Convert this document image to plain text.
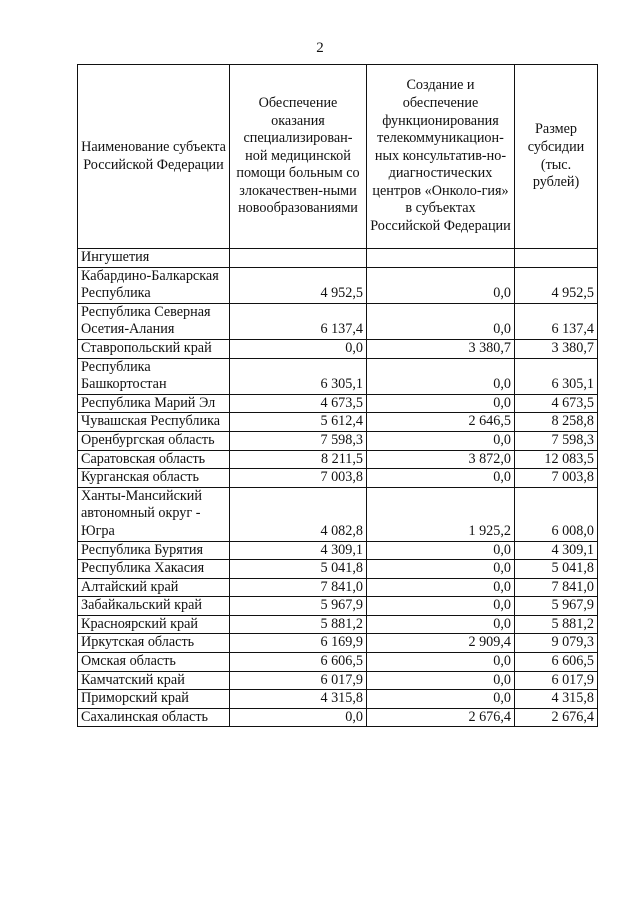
2
Наименование субъекта Российской Федерации	Обеспечение оказания специализирован-ной медицинской помощи больным со злокачествен-ными новообразованиями	Создание и обеспечение функционирования телекоммуникацион-ных консультатив-но-диагностических центров «Онколо-гия» в субъектах Российской Федерации	Размер субсидии (тыс. рублей)
Ингушетия			
Кабардино-Балкарская Республика	4 952,5	0,0	4 952,5
Республика Северная Осетия-Алания	6 137,4	0,0	6 137,4
Ставропольский край	0,0	3 380,7	3 380,7
Республика Башкортостан	6 305,1	0,0	6 305,1
Республика Марий Эл	4 673,5	0,0	4 673,5
Чувашская Республика	5 612,4	2 646,5	8 258,8
Оренбургская область	7 598,3	0,0	7 598,3
Саратовская область	8 211,5	3 872,0	12 083,5
Курганская область	7 003,8	0,0	7 003,8
Ханты-Мансийский автономный округ - Югра	4 082,8	1 925,2	6 008,0
Республика Бурятия	4 309,1	0,0	4 309,1
Республика Хакасия	5 041,8	0,0	5 041,8
Алтайский край	7 841,0	0,0	7 841,0
Забайкальский край	5 967,9	0,0	5 967,9
Красноярский край	5 881,2	0,0	5 881,2
Иркутская область	6 169,9	2 909,4	9 079,3
Омская область	6 606,5	0,0	6 606,5
Камчатский край	6 017,9	0,0	6 017,9
Приморский край	4 315,8	0,0	4 315,8
Сахалинская область	0,0	2 676,4	2 676,4
